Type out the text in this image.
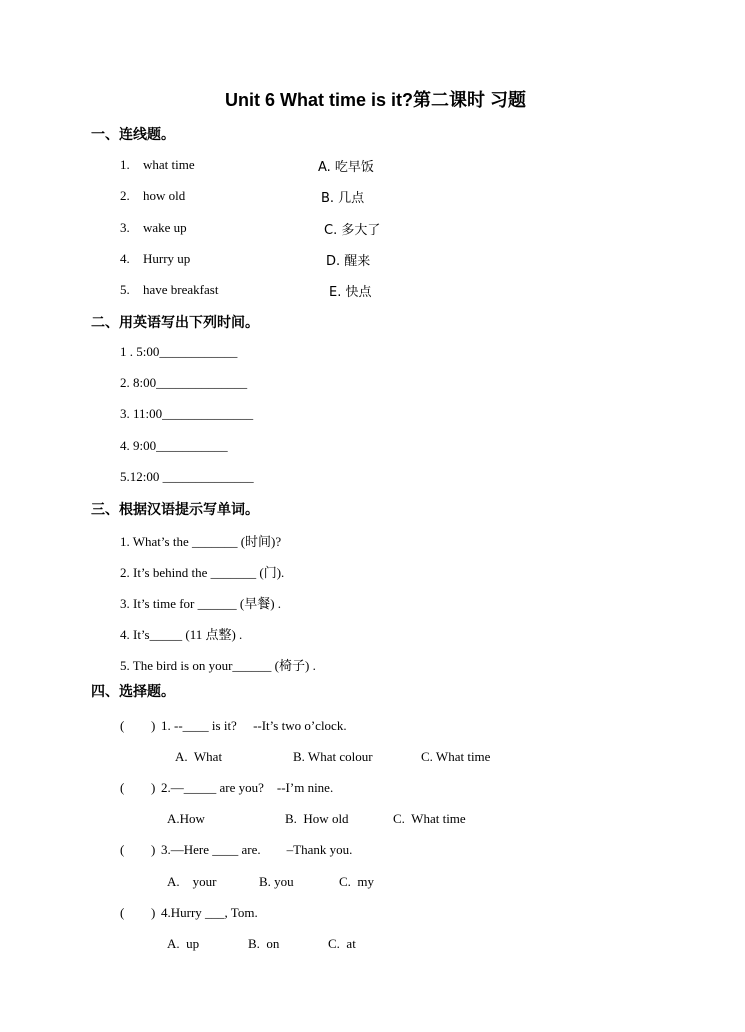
Unit 6 What time is it?第二课时 习题
一、连线题。
1. what time	A. 吃早饭
2. how old	B. 几点
3. wake up	C. 多大了
4. Hurry up	D. 醒来
5. have breakfast	E. 快点
二、用英语写出下列时间。
1 . 5:00____________
2. 8:00______________
3. 11:00______________
4. 9:00___________
5.12:00 ______________
三、根据汉语提示写单词。
1. What’s the _______ (时间)?
2. It’s behind the _______ (门).
3. It’s time for ______ (早餐) .
4. It’s_____ (11 点整) .
5. The bird is on your______ (椅子) .
四、选择题。
( ) 1. --____ is it?     --It’s two o’clock.
A.  What	B. What colour	C. What time
( ) 2.—_____ are you?    --I’m nine.
A.How	B.  How old	C.  What time
( ) 3.—Here ____ are.        –Thank you.
A.    your	B. you	C.  my
( ) 4.Hurry ___, Tom.
A.  up	B.  on	C.  at
